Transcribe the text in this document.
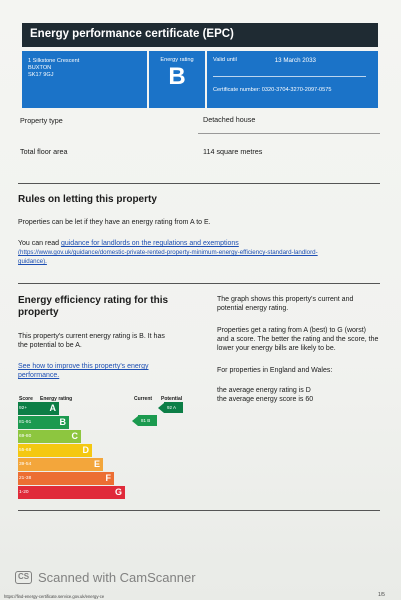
Energy performance certificate (EPC)
1 Silkstone Crescent
BUXTON
SK17 9GJ
Energy rating
B
Valid until	13 March 2033
Certificate number: 0320-3704-3270-2097-0575
Property type	Detached house
Total floor area	114 square metres
Rules on letting this property
Properties can be let if they have an energy rating from A to E.
You can read guidance for landlords on the regulations and exemptions
(https://www.gov.uk/guidance/domestic-private-rented-property-minimum-energy-efficiency-standard-landlord-
guidance).
Energy efficiency rating for this
property
This property's current energy rating is B. It has
the potential to be A.
See how to improve this property's energy
performance.
The graph shows this property's current and
potential energy rating.
Properties get a rating from A (best) to G (worst)
and a score. The better the rating and the score, the
lower your energy bills are likely to be.
For properties in England and Wales:
the average energy rating is D
the average energy score is 60
Score Energy rating	Current Potential
92+	A
81-91	B
69-80	C
55-68	D
39-54	E
21-38	F
1-20	G
81 B
92 A
CS Scanned with CamScanner
https://find-energy-certificate.service.gov.uk/energy-ce	1/5
